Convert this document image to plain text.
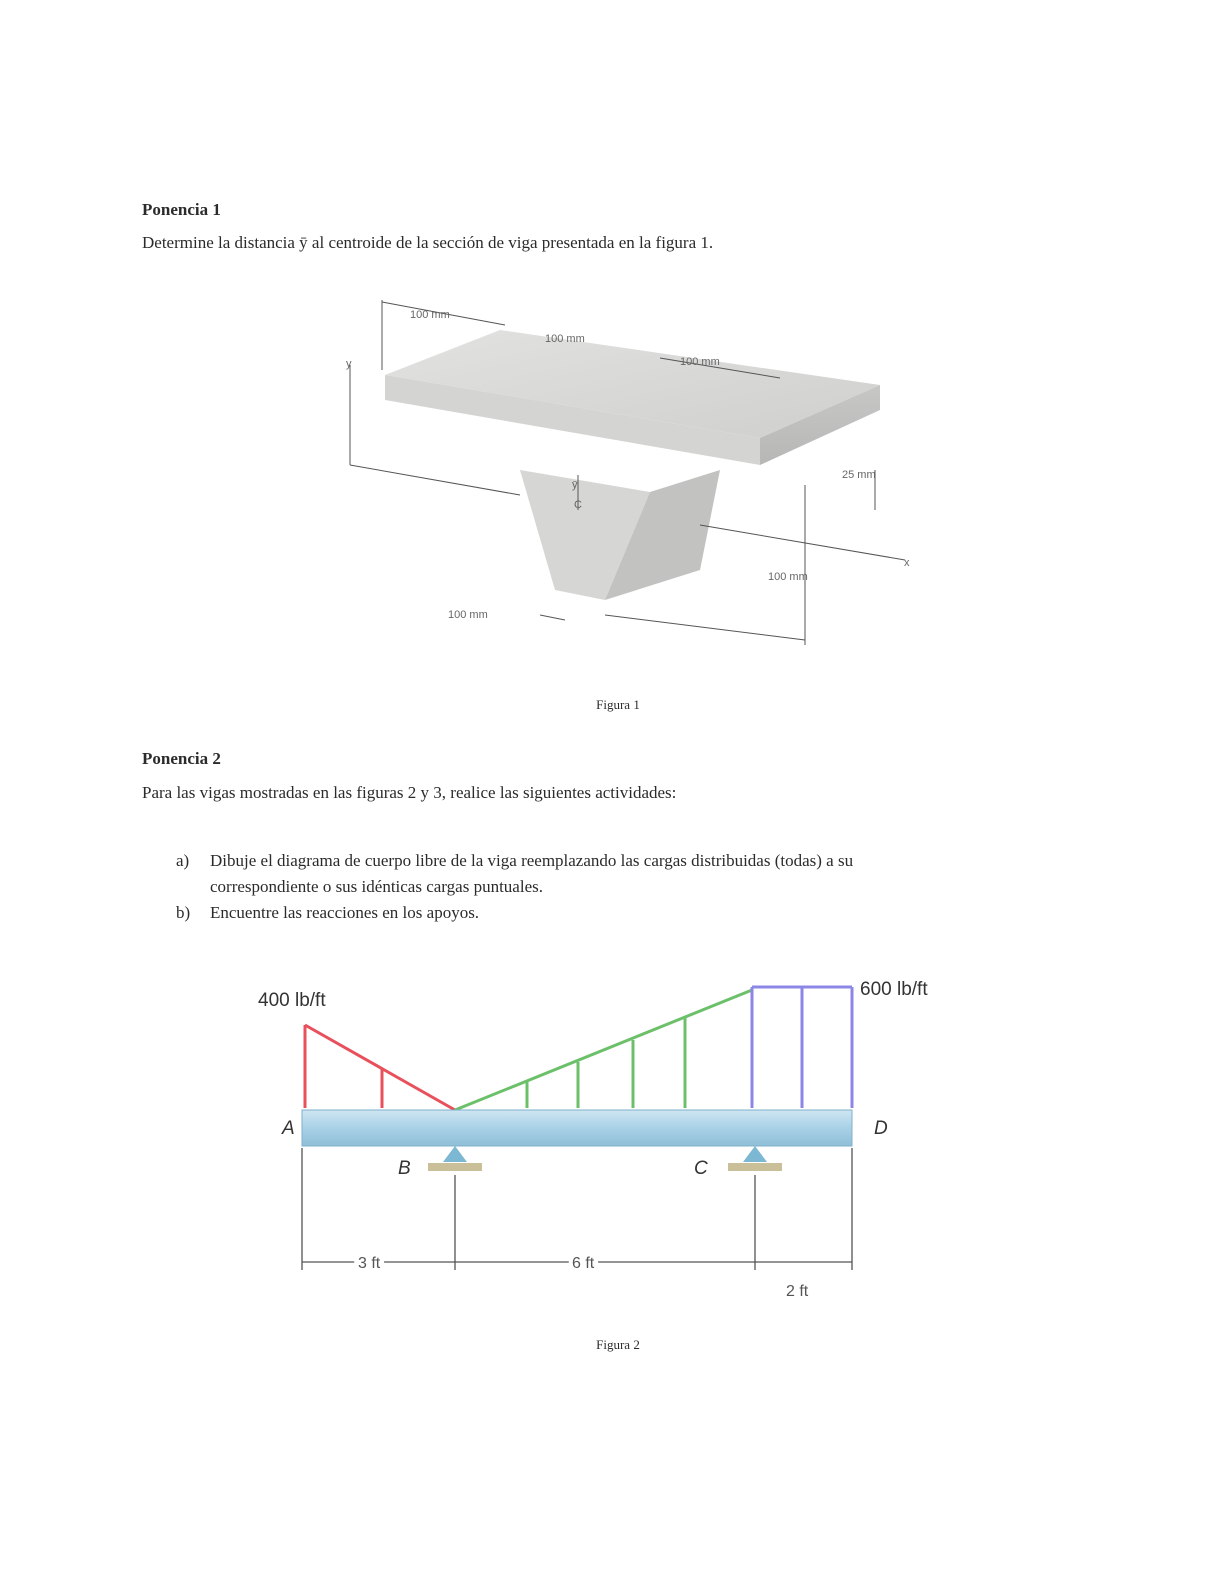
Ponencia 1
Determine la distancia ȳ al centroide de la sección de viga presentada en la figura 1.
100 mm
100 mm
100 mm
25 mm
100 mm
100 mm
y
x
ȳ
C
Figura 1
Ponencia 2
Para las vigas mostradas en las figuras 2 y 3, realice las siguientes actividades:
a)	Dibuje el diagrama de cuerpo libre de la viga reemplazando las cargas distribuidas (todas) a su
correspondiente o sus idénticas cargas puntuales.
b)	Encuentre las reacciones en los apoyos.
400 lb/ft
600 lb/ft
A
B	C
D
3 ft	6 ft
2 ft
Figura 2
